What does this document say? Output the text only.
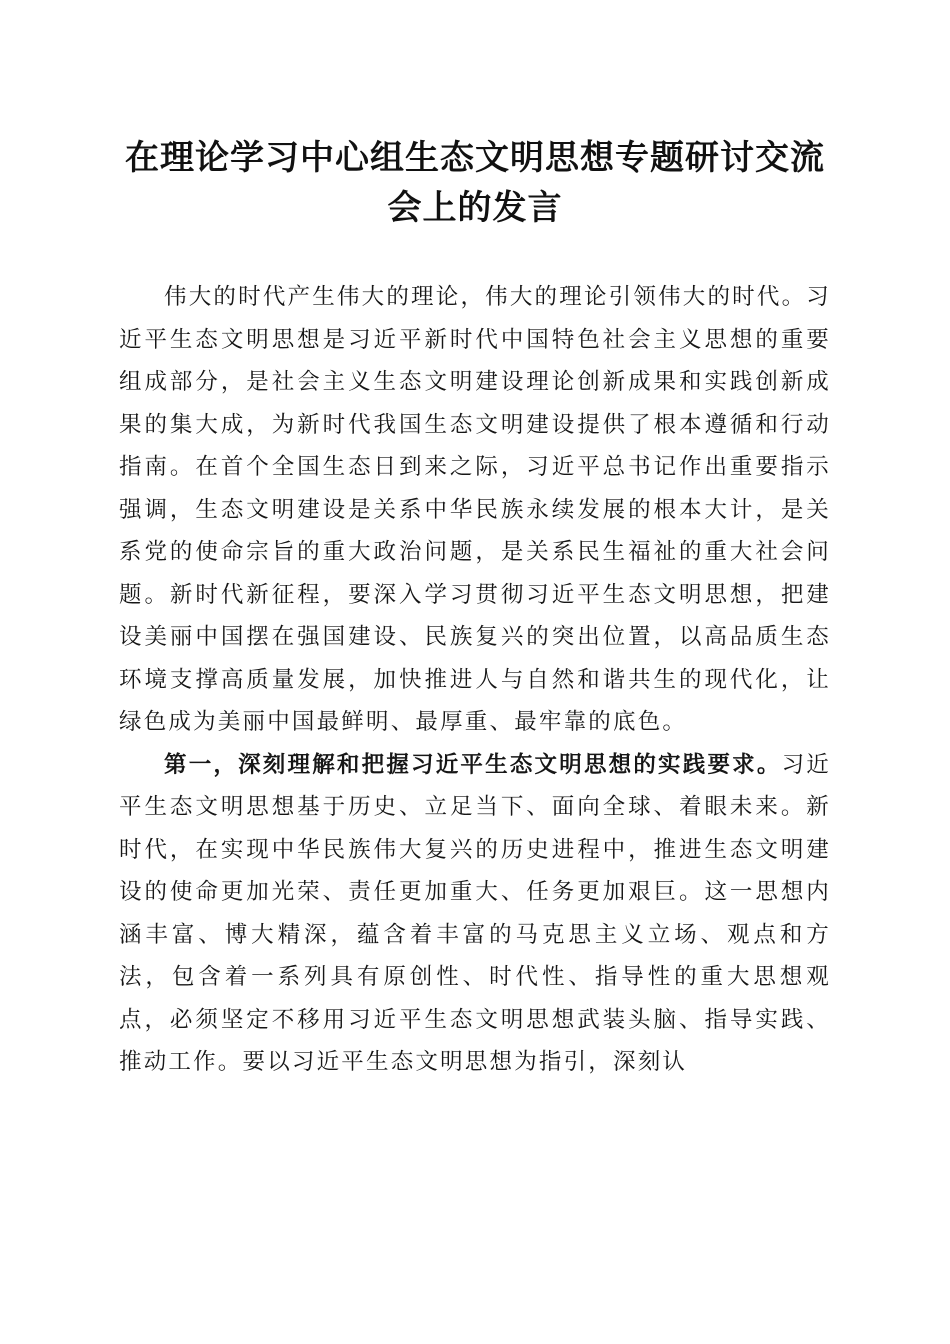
在理论学习中心组生态文明思想专题研讨交流
会上的发言

伟大的时代产生伟大的理论，伟大的理论引领伟大的时代。习近平生态文明思想是习近平新时代中国特色社会主义思想的重要组成部分，是社会主义生态文明建设理论创新成果和实践创新成果的集大成，为新时代我国生态文明建设提供了根本遵循和行动指南。在首个全国生态日到来之际，习近平总书记作出重要指示强调，生态文明建设是关系中华民族永续发展的根本大计，是关系党的使命宗旨的重大政治问题，是关系民生福祉的重大社会问题。新时代新征程，要深入学习贯彻习近平生态文明思想，把建设美丽中国摆在强国建设、民族复兴的突出位置，以高品质生态环境支撑高质量发展，加快推进人与自然和谐共生的现代化，让绿色成为美丽中国最鲜明、最厚重、最牢靠的底色。

第一，深刻理解和把握习近平生态文明思想的实践要求。习近平生态文明思想基于历史、立足当下、面向全球、着眼未来。新时代，在实现中华民族伟大复兴的历史进程中，推进生态文明建设的使命更加光荣、责任更加重大、任务更加艰巨。这一思想内涵丰富、博大精深，蕴含着丰富的马克思主义立场、观点和方法，包含着一系列具有原创性、时代性、指导性的重大思想观点，必须坚定不移用习近平生态文明思想武装头脑、指导实践、推动工作。要以习近平生态文明思想为指引，深刻认
